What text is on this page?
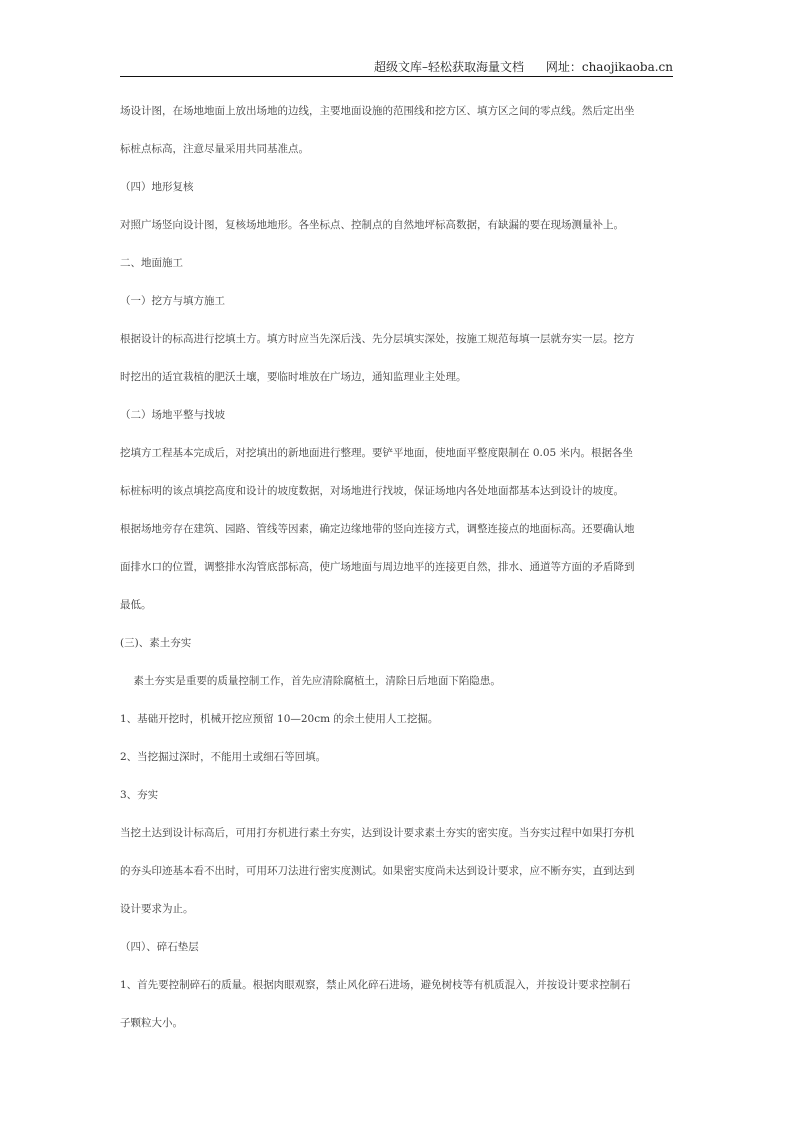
超级文库–轻松获取海量文档 网址：chaojikaoba.cn
场设计图，在场地地面上放出场地的边线，主要地面设施的范围线和挖方区、填方区之间的零点线。然后定出坐
标桩点标高，注意尽量采用共同基准点。
（四）地形复核
对照广场竖向设计图，复核场地地形。各坐标点、控制点的自然地坪标高数据，有缺漏的要在现场测量补上。
二、地面施工
（一）挖方与填方施工
根据设计的标高进行挖填土方。填方时应当先深后浅、先分层填实深处，按施工规范每填一层就夯实一层。挖方
时挖出的适宜栽植的肥沃土壤，要临时堆放在广场边，通知监理业主处理。
（二）场地平整与找坡
挖填方工程基本完成后，对挖填出的新地面进行整理。要铲平地面，使地面平整度限制在 0.05 米内。根据各坐
标桩标明的该点填挖高度和设计的坡度数据，对场地进行找坡，保证场地内各处地面都基本达到设计的坡度。
根据场地旁存在建筑、园路、管线等因素，确定边缘地带的竖向连接方式，调整连接点的地面标高。还要确认地
面排水口的位置，调整排水沟管底部标高，使广场地面与周边地平的连接更自然，排水、通道等方面的矛盾降到
最低。
(三)、素土夯实
素土夯实是重要的质量控制工作，首先应清除腐植土，清除日后地面下陷隐患。
1、基础开挖时，机械开挖应预留 10—20cm 的余土使用人工挖掘。
2、当挖掘过深时，不能用土或细石等回填。
3、夯实
当挖土达到设计标高后，可用打夯机进行素土夯实，达到设计要求素土夯实的密实度。当夯实过程中如果打夯机
的夯头印迹基本看不出时，可用环刀法进行密实度测试。如果密实度尚未达到设计要求，应不断夯实，直到达到
设计要求为止。
（四）、碎石垫层
1、首先要控制碎石的质量。根据肉眼观察，禁止风化碎石进场，避免树枝等有机质混入，并按设计要求控制石
子颗粒大小。
